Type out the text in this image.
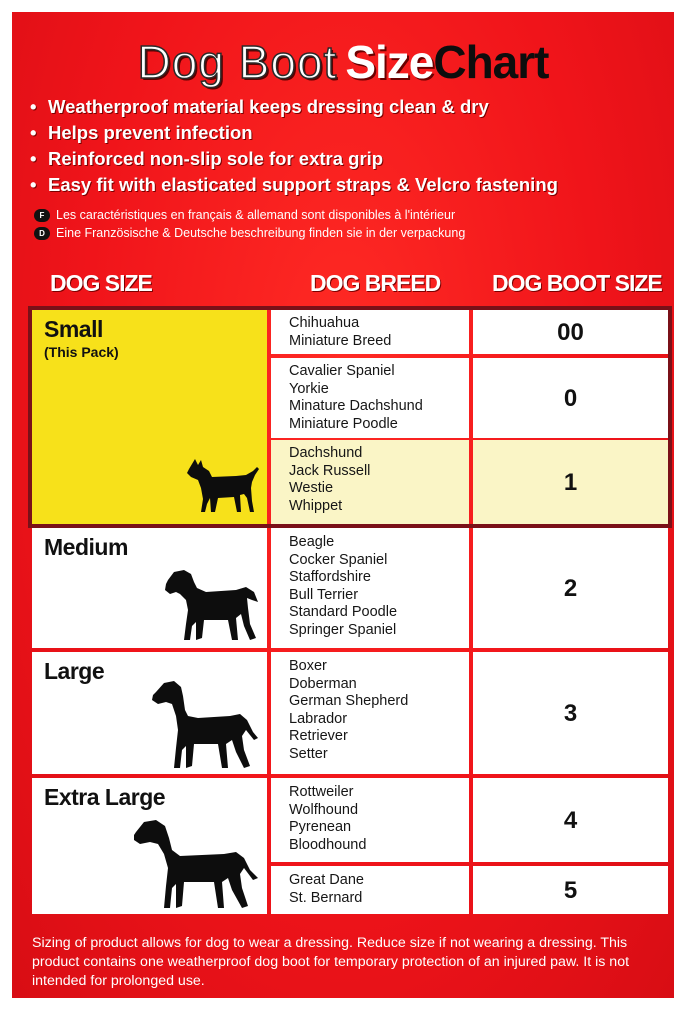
Dog Boot SizeChart
• Weatherproof material keeps dressing clean & dry
• Helps prevent infection
• Reinforced non-slip sole for extra grip
• Easy fit with elasticated support straps & Velcro fastening
F Les caractéristiques en français & allemand sont disponibles à l'intérieur
D Eine Französische & Deutsche beschreibung finden sie in der verpackung
DOG SIZE	DOG BREED DOG BOOT SIZE
Small
(This Pack)
Medium
Large
Extra Large
Chihuahua
Miniature Breed
Cavalier Spaniel
Yorkie
Minature Dachshund
Miniature Poodle
Dachshund
Jack Russell
Westie
Whippet
Beagle
Cocker Spaniel
Staffordshire
Bull Terrier
Standard Poodle
Springer Spaniel
Boxer
Doberman
German Shepherd
Labrador
Retriever
Setter
Rottweiler
Wolfhound
Pyrenean
Bloodhound
Great Dane
St. Bernard
00
0
1
2
3
4
5
Sizing of product allows for dog to wear a dressing. Reduce size if not wearing a dressing. This product contains one weatherproof dog boot for temporary protection of an injured paw. It is not intended for prolonged use.
